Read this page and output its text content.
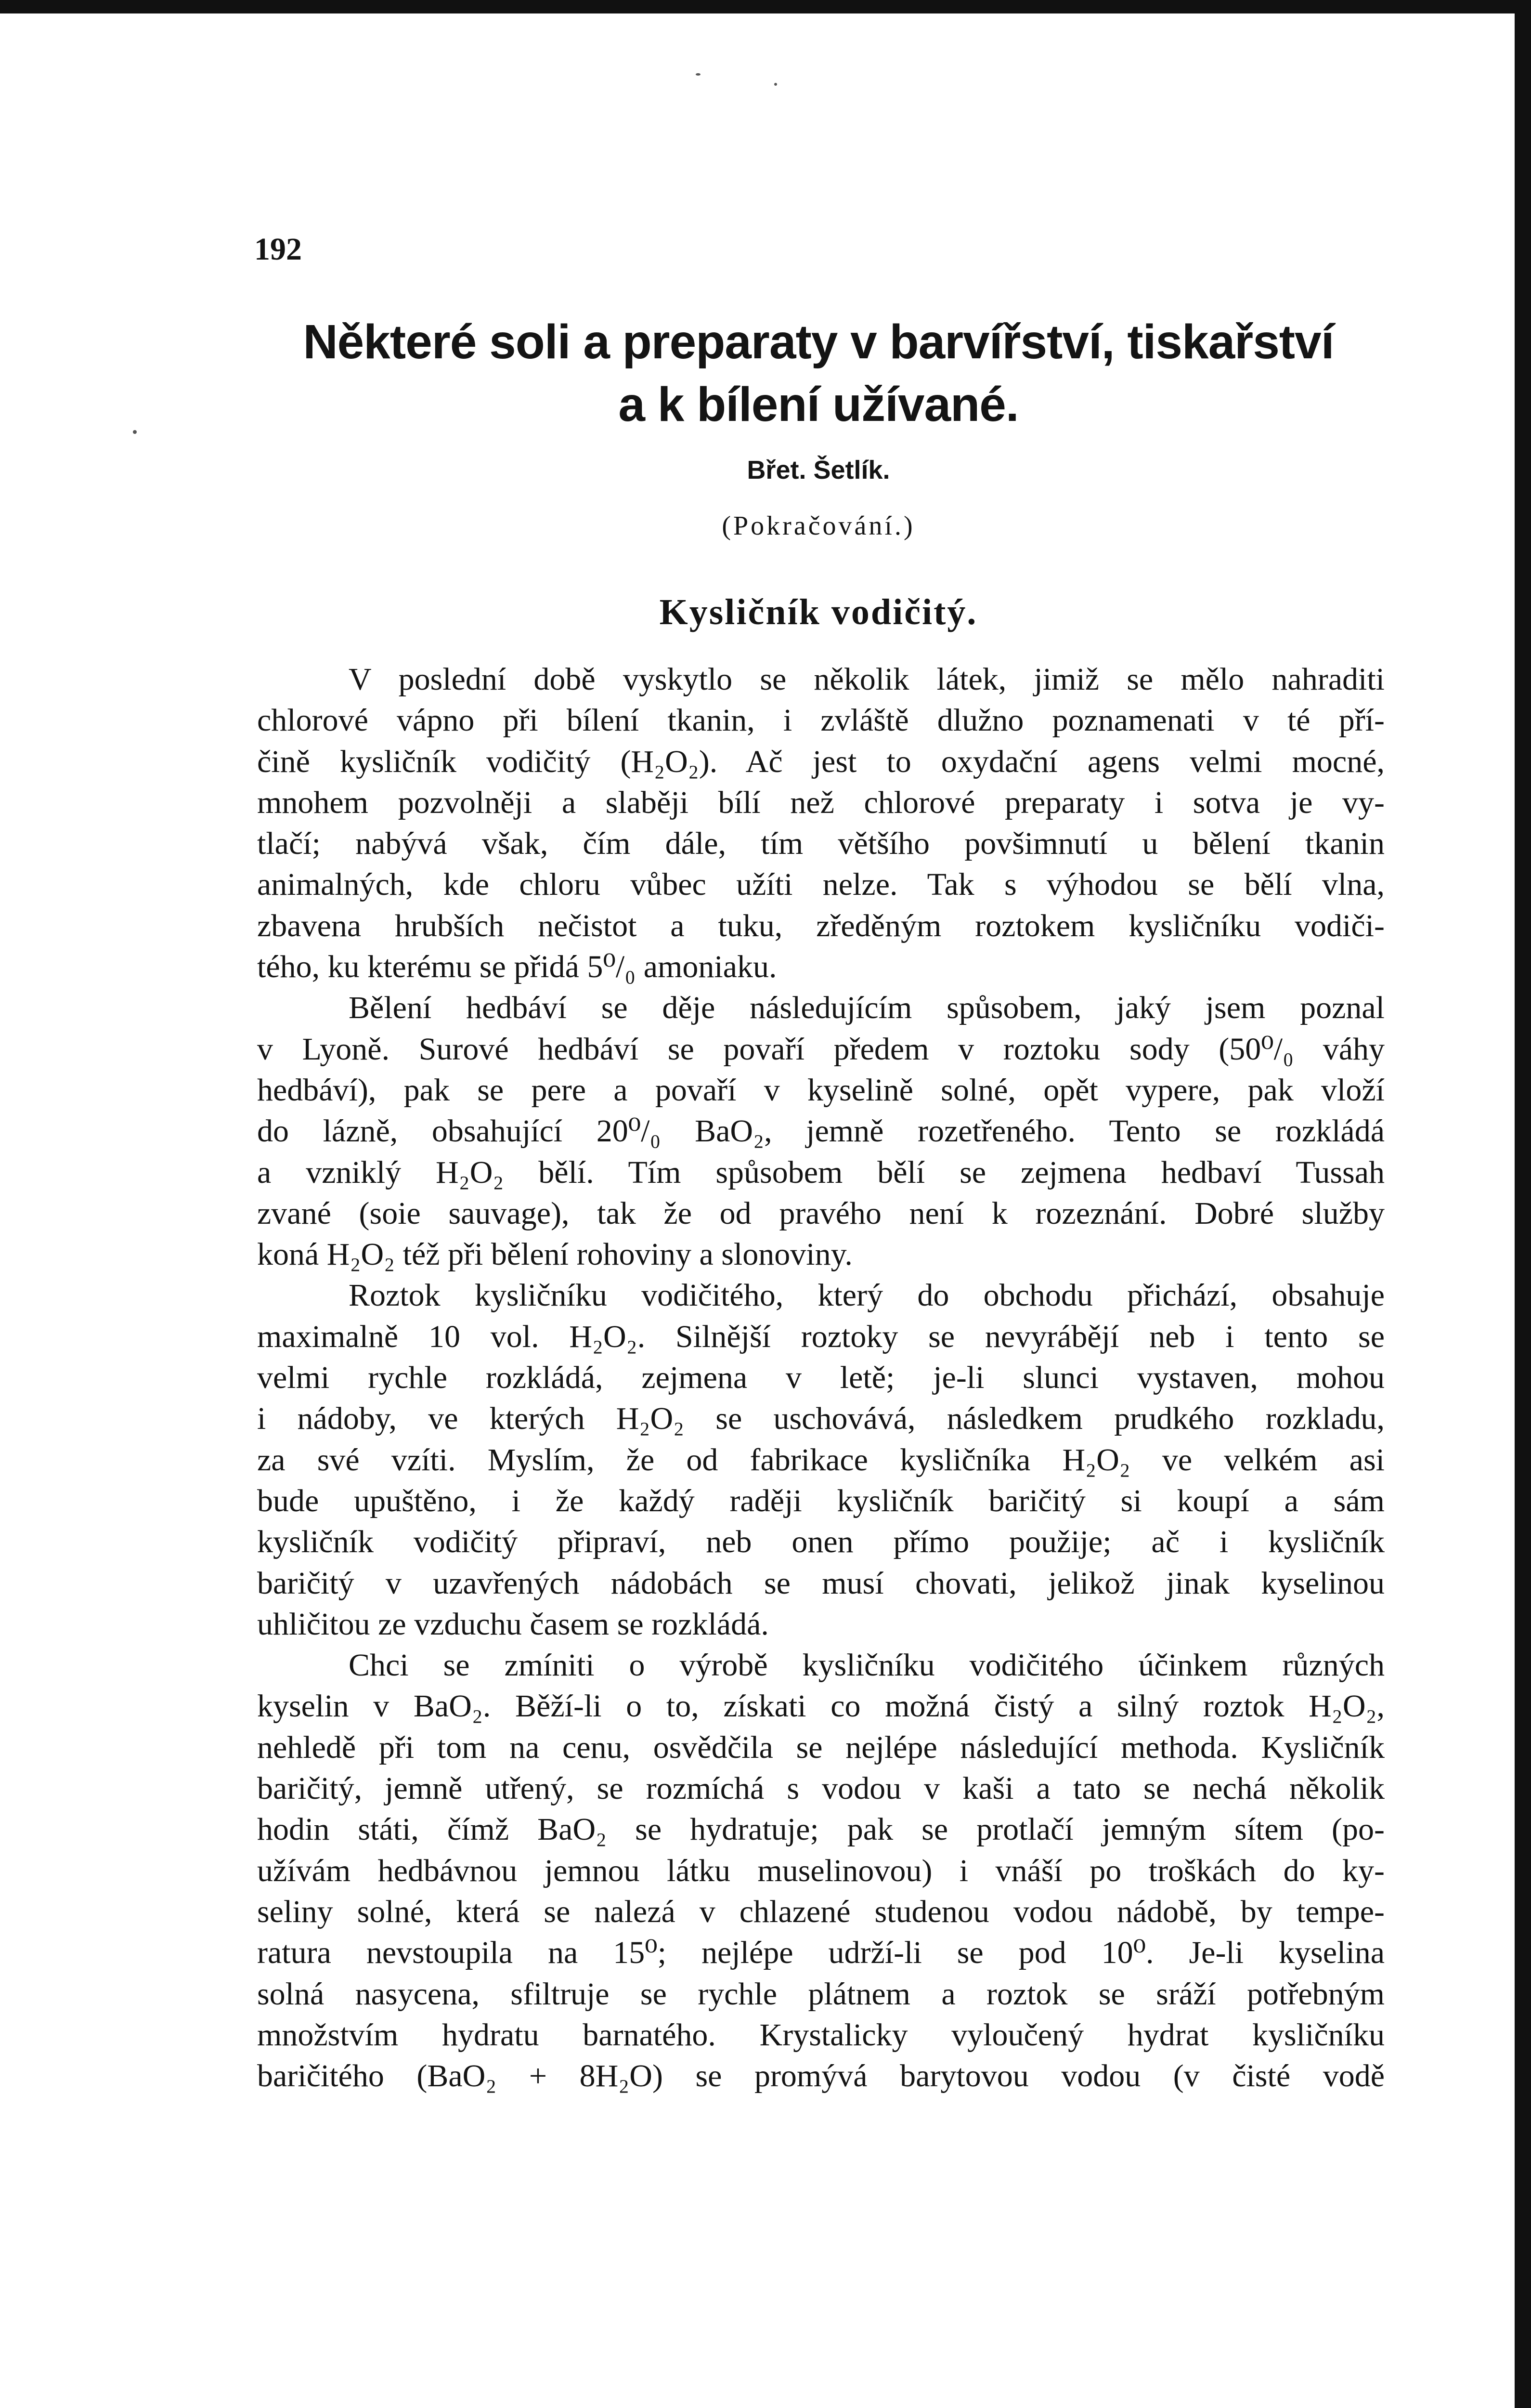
192
Některé soli a preparaty v barvířství, tiskařství
a k bílení užívané.
Břet. Šetlík.
(Pokračování.)
Kysličník vodičitý.
V poslední době vyskytlo se několik látek, jimiž se mělo nahraditi
chlorové vápno při bílení tkanin, i zvláště dlužno poznamenati v té pří-
čině kysličník vodičitý (H₂O₂). Ač jest to oxydační agens velmi mocné,
mnohem pozvolněji a slaběji bílí než chlorové preparaty i sotva je vy-
tlačí; nabývá však, čím dále, tím většího povšimnutí u bělení tkanin
animalných, kde chloru vůbec užíti nelze. Tak s výhodou se bělí vlna,
zbavena hrubších nečistot a tuku, zředěným roztokem kysličníku vodiči-
tého, ku kterému se přidá 5⁰/₀ amoniaku.
Bělení hedbáví se děje následujícím spůsobem, jaký jsem poznal
v Lyoně. Surové hedbáví se povaří předem v roztoku sody (50⁰/₀ váhy
hedbáví), pak se pere a povaří v kyselině solné, opět vypere, pak vloží
do lázně, obsahující 20⁰/₀ BaO₂, jemně rozetřeného. Tento se rozkládá
a vzniklý H₂O₂ bělí. Tím spůsobem bělí se zejmena hedbaví Tussah
zvané (soie sauvage), tak že od pravého není k rozeznání. Dobré služby
koná H₂O₂ též při bělení rohoviny a slonoviny.
Roztok kysličníku vodičitého, který do obchodu přichází, obsahuje
maximalně 10 vol. H₂O₂. Silnější roztoky se nevyrábějí neb i tento se
velmi rychle rozkládá, zejmena v letě; je-li slunci vystaven, mohou
i nádoby, ve kterých H₂O₂ se uschovává, následkem prudkého rozkladu,
za své vzíti. Myslím, že od fabrikace kysličníka H₂O₂ ve velkém asi
bude upuštěno, i že každý raději kysličník baričitý si koupí a sám
kysličník vodičitý připraví, neb onen přímo použije; ač i kysličník
baričitý v uzavřených nádobách se musí chovati, jelikož jinak kyselinou
uhličitou ze vzduchu časem se rozkládá.
Chci se zmíniti o výrobě kysličníku vodičitého účinkem různých
kyselin v BaO₂. Běží-li o to, získati co možná čistý a silný roztok H₂O₂,
nehledě při tom na cenu, osvědčila se nejlépe následující methoda. Kysličník
baričitý, jemně utřený, se rozmíchá s vodou v kaši a tato se nechá několik
hodin státi, čímž BaO₂ se hydratuje; pak se protlačí jemným sítem (po-
užívám hedbávnou jemnou látku muselinovou) i vnáší po troškách do ky-
seliny solné, která se nalezá v chlazené studenou vodou nádobě, by tempe-
ratura nevstoupila na 15⁰; nejlépe udrží-li se pod 10⁰. Je-li kyselina
solná nasycena, sfiltruje se rychle plátnem a roztok se sráží potřebným
množstvím hydratu barnatého. Krystalicky vyloučený hydrat kysličníku
baričitého (BaO₂ + 8H₂O) se promývá barytovou vodou (v čisté vodě
